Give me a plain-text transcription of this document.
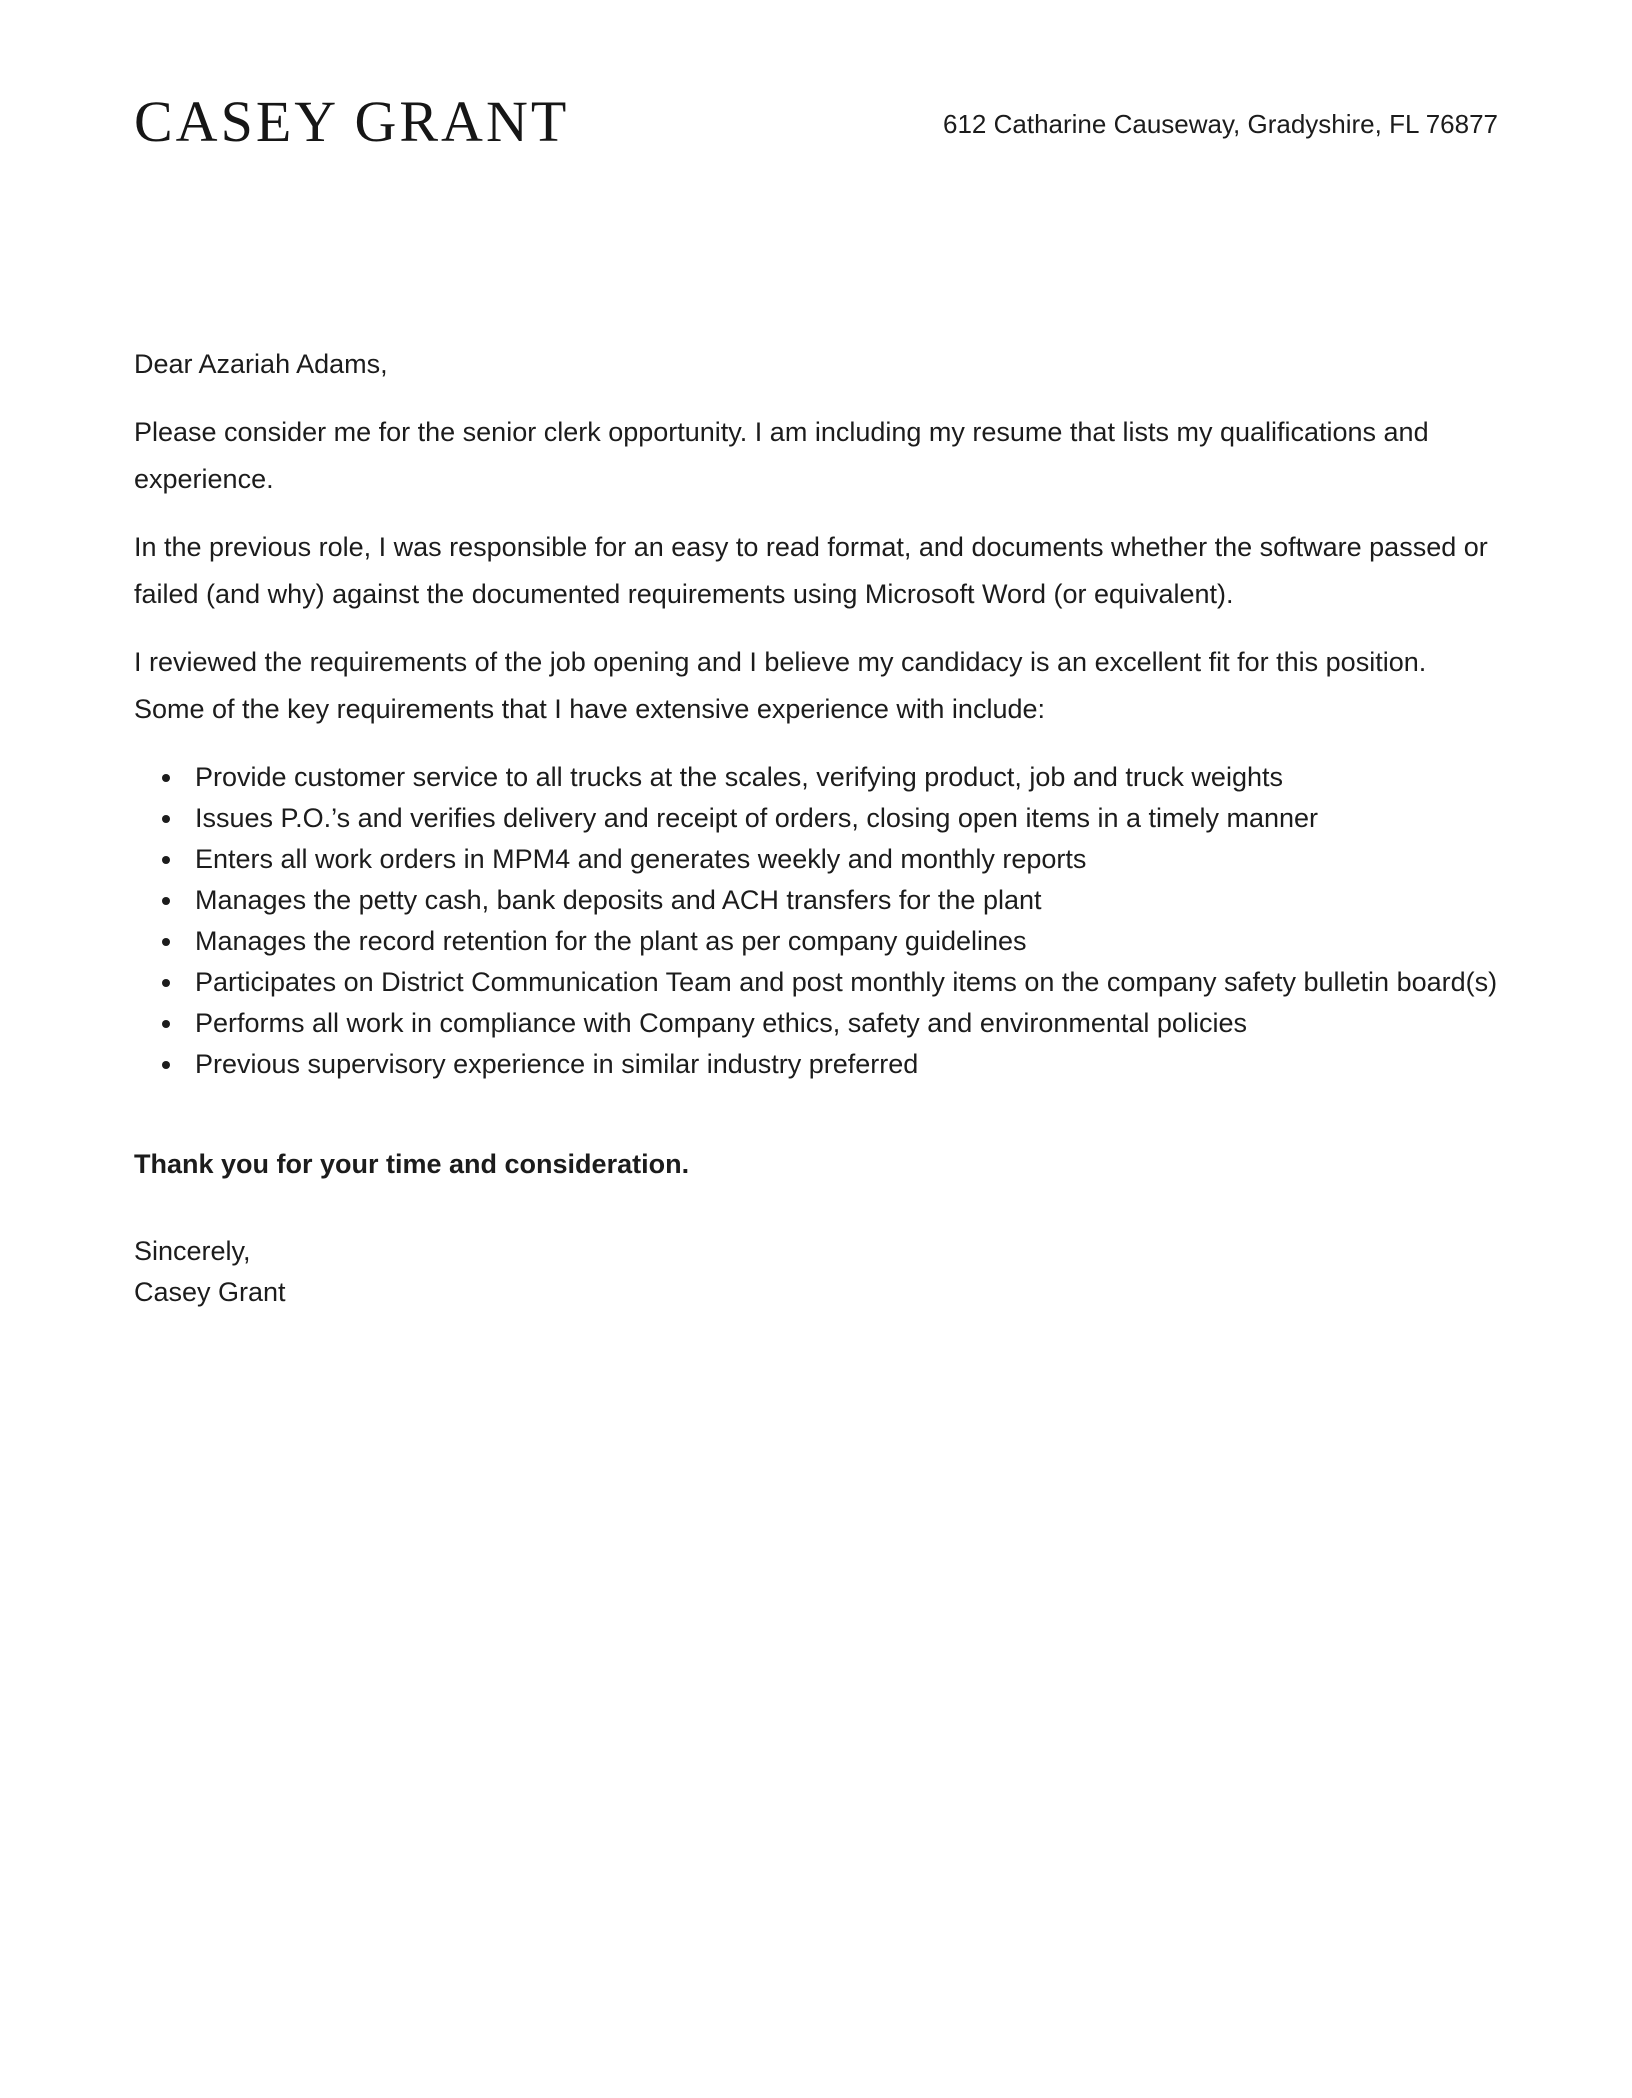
CASEY GRANT	612 Catharine Causeway, Gradyshire, FL 76877
Dear Azariah Adams,

Please consider me for the senior clerk opportunity. I am including my resume that lists my qualifications and experience.

In the previous role, I was responsible for an easy to read format, and documents whether the software passed or failed (and why) against the documented requirements using Microsoft Word (or equivalent).

I reviewed the requirements of the job opening and I believe my candidacy is an excellent fit for this position. Some of the key requirements that I have extensive experience with include:

• Provide customer service to all trucks at the scales, verifying product, job and truck weights
• Issues P.O.’s and verifies delivery and receipt of orders, closing open items in a timely manner
• Enters all work orders in MPM4 and generates weekly and monthly reports
• Manages the petty cash, bank deposits and ACH transfers for the plant
• Manages the record retention for the plant as per company guidelines
• Participates on District Communication Team and post monthly items on the company safety bulletin board(s)
• Performs all work in compliance with Company ethics, safety and environmental policies
• Previous supervisory experience in similar industry preferred
Thank you for your time and consideration.
Sincerely,
Casey Grant
